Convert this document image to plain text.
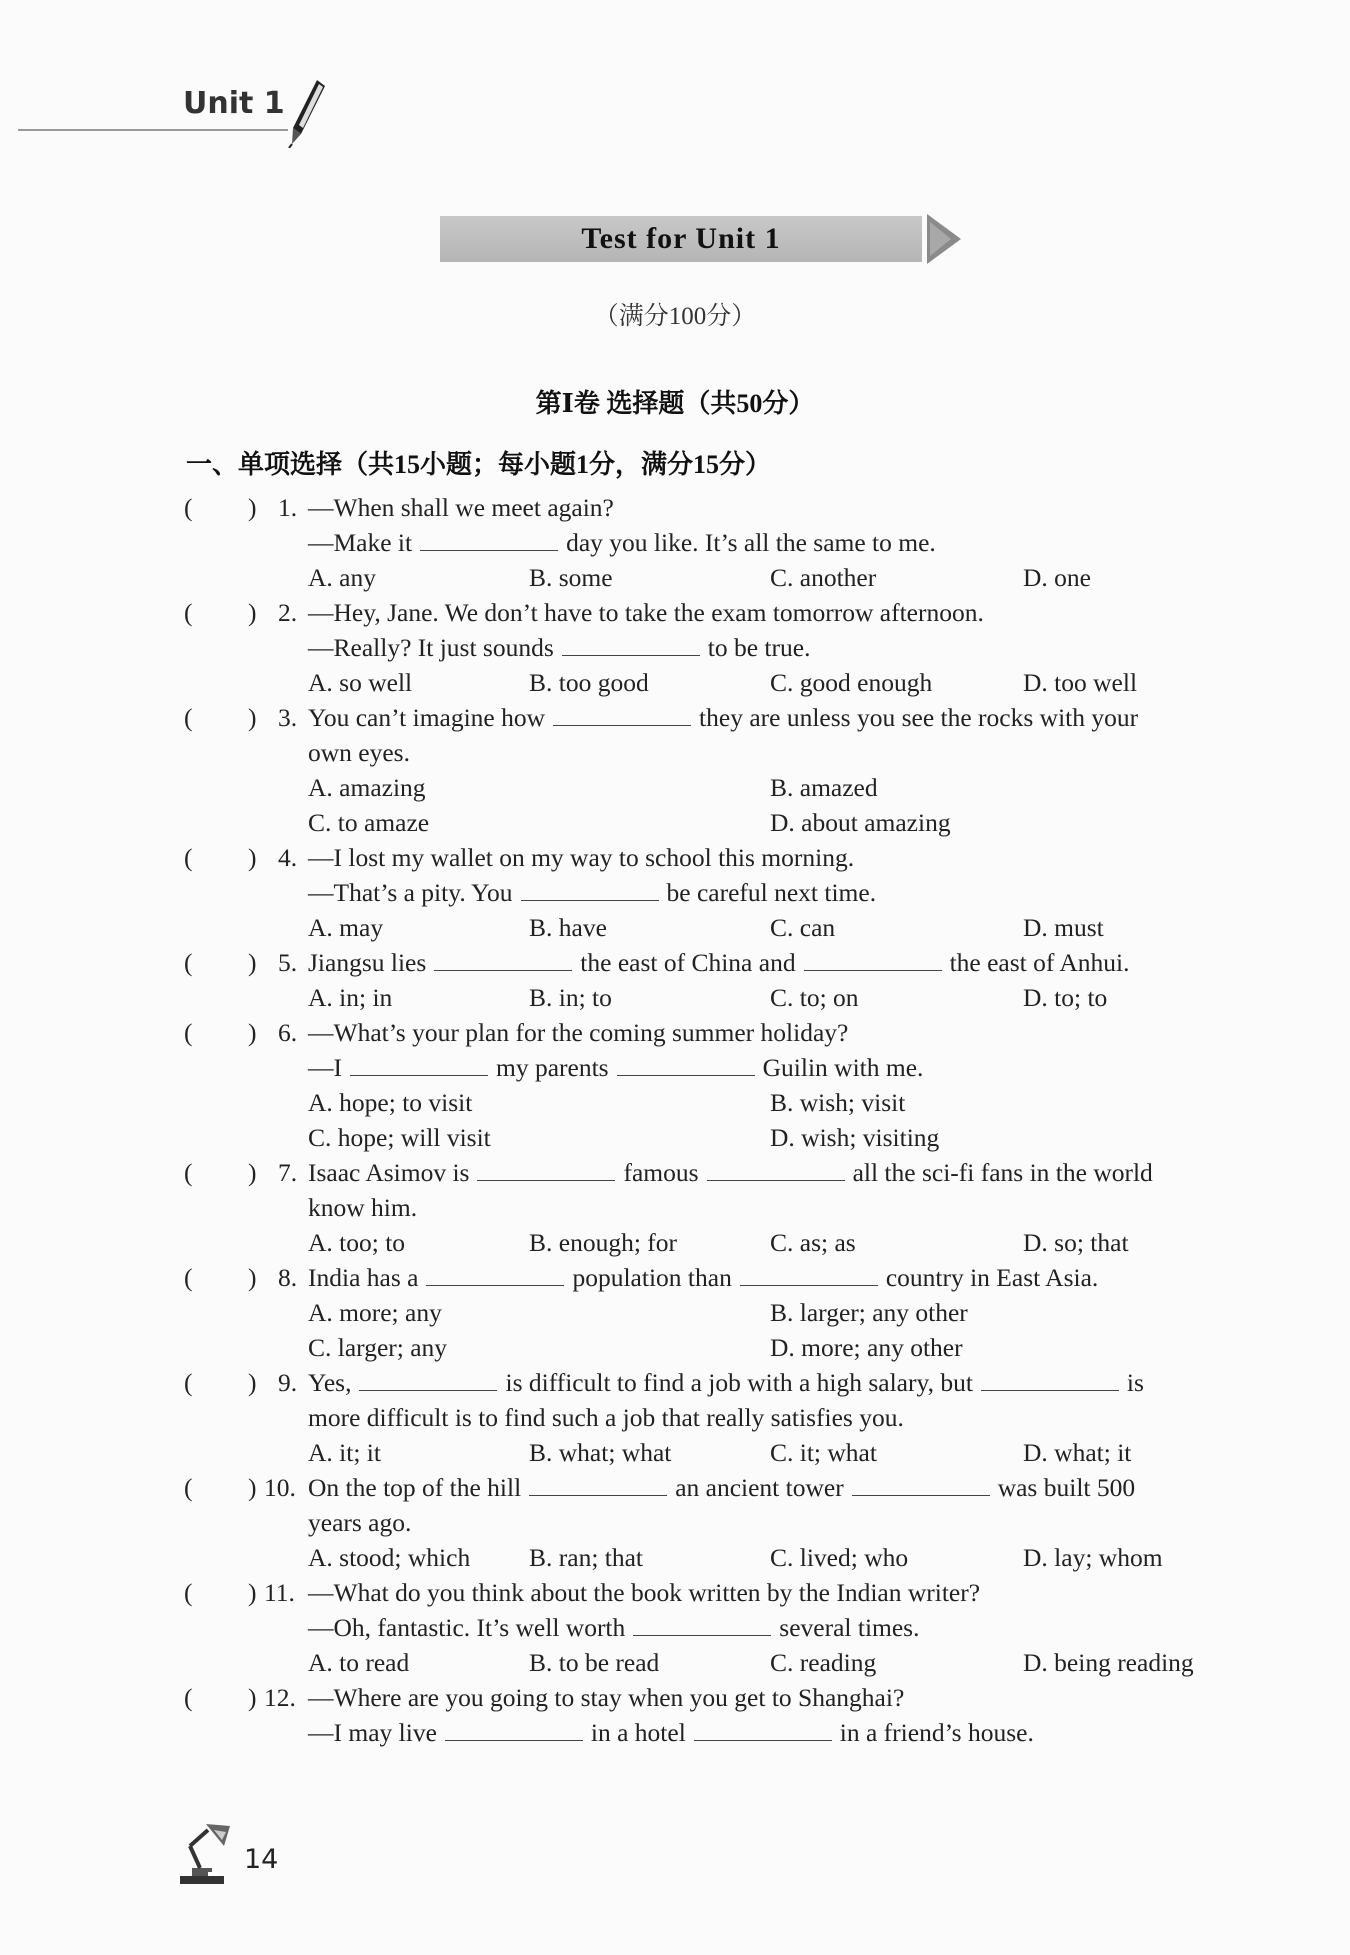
Unit 1
Test for Unit 1
（满分100分）
第Ⅰ卷 选择题（共50分）
一、单项选择（共15小题；每小题1分，满分15分）
( ) 1. —When shall we meet again?
—Make it	day you like. It’s all the same to me.
A. any	B. some	C. another	D. one
( ) 2. —Hey, Jane. We don’t have to take the exam tomorrow afternoon.
—Really? It just sounds	to be true.
A. so well	B. too good	C. good enough	D. too well
( ) 3. You can’t imagine how	they are unless you see the rocks with your
own eyes.
A. amazing	B. amazed
C. to amaze	D. about amazing
( ) 4. —I lost my wallet on my way to school this morning.
—That’s a pity. You	be careful next time.
A. may	B. have	C. can	D. must
( ) 5. Jiangsu lies	the east of China and	the east of Anhui.
A. in; in	B. in; to	C. to; on	D. to; to
( ) 6. —What’s your plan for the coming summer holiday?
—I	my parents	Guilin with me.
A. hope; to visit	B. wish; visit
C. hope; will visit	D. wish; visiting
( ) 7. Isaac Asimov is	famous	all the sci-fi fans in the world
know him.
A. too; to	B. enough; for	C. as; as	D. so; that
( ) 8. India has a	population than	country in East Asia.
A. more; any	B. larger; any other
C. larger; any	D. more; any other
( ) 9. Yes,	is difficult to find a job with a high salary, but	is
more difficult is to find such a job that really satisfies you.
A. it; it	B. what; what	C. it; what	D. what; it
( ) 10. On the top of the hill	an ancient tower	was built 500
years ago.
A. stood; which B. ran; that	C. lived; who	D. lay; whom
( ) 11. —What do you think about the book written by the Indian writer?
—Oh, fantastic. It’s well worth	several times.
A. to read	B. to be read	C. reading	D. being reading
( ) 12. —Where are you going to stay when you get to Shanghai?
—I may live	in a hotel	in a friend’s house.
14
